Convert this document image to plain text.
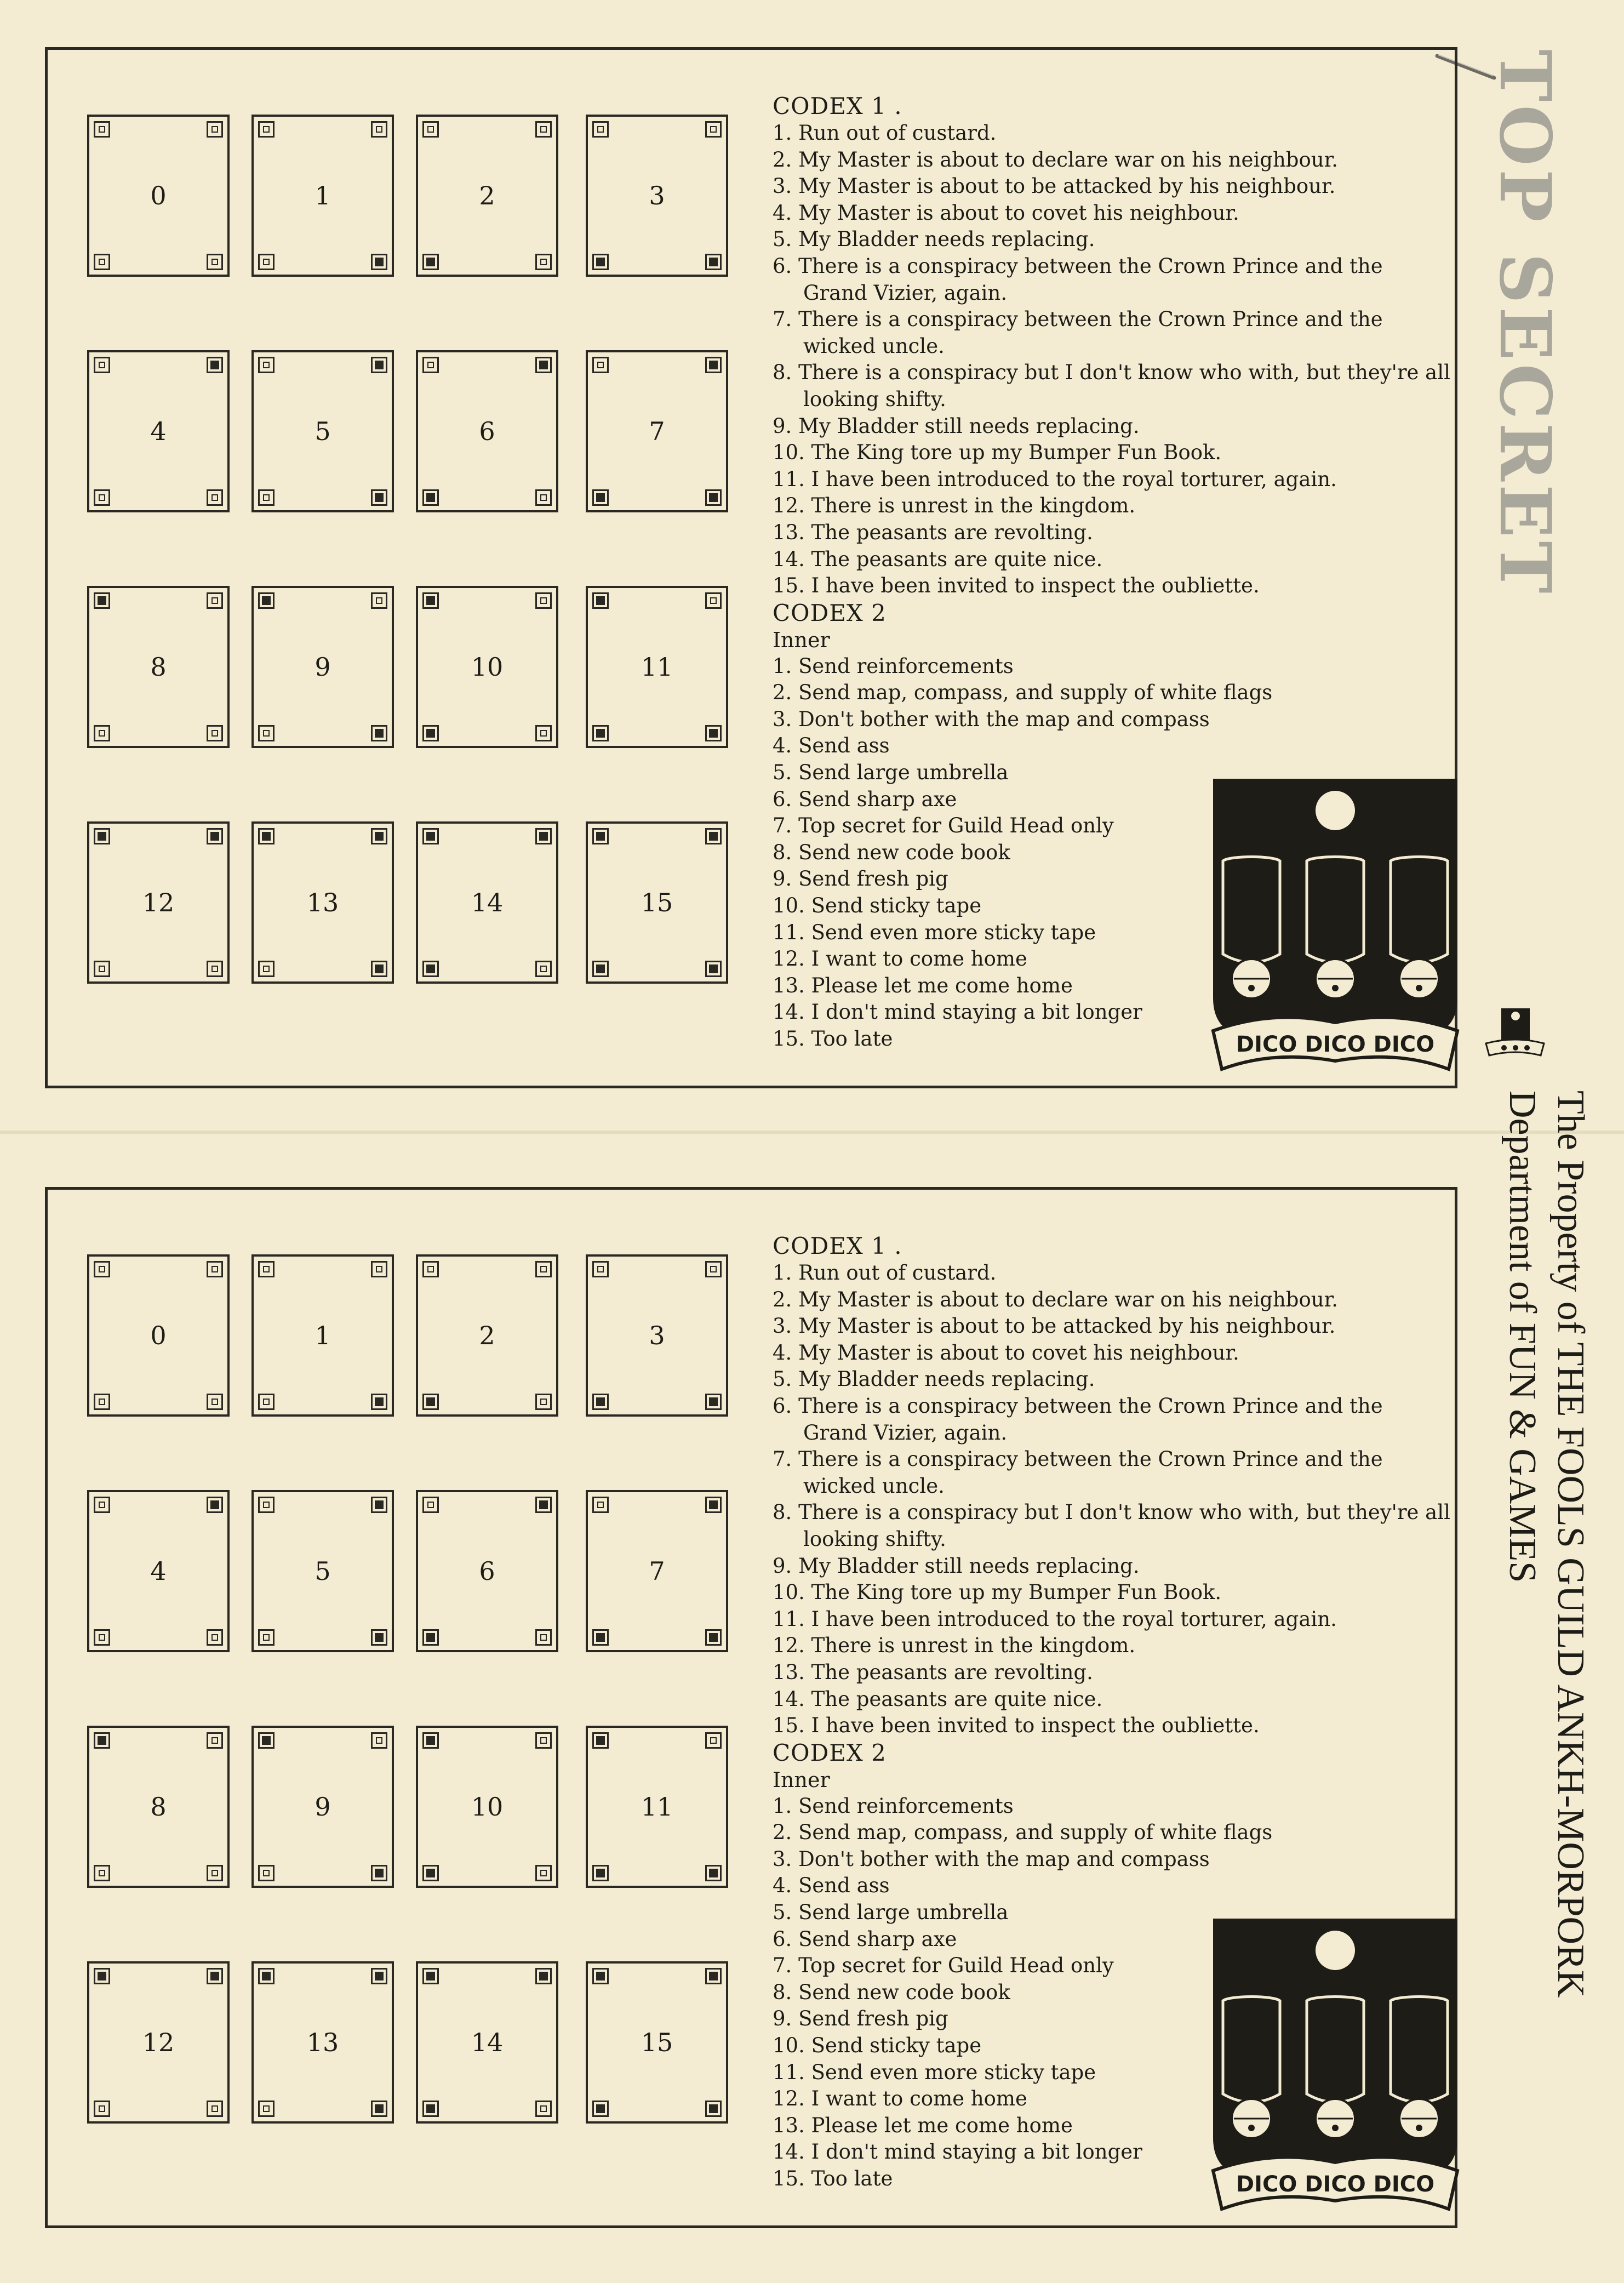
TOP SECRET
The Property of THE FOOLS GUILD ANKH-MORPORK
Department of FUN & GAMES
0	1	2	3
4	5	6	7
8	9	10	11
12	13	14	15
CODEX 1 .
1. Run out of custard.
2. My Master is about to declare war on his neighbour.
3. My Master is about to be attacked by his neighbour.
4. My Master is about to covet his neighbour.
5. My Bladder needs replacing.
6. There is a conspiracy between the Crown Prince and the Grand Vizier, again.
7. There is a conspiracy between the Crown Prince and the wicked uncle.
8. There is a conspiracy but I don't know who with, but they're all looking shifty.
9. My Bladder still needs replacing.
10. The King tore up my Bumper Fun Book.
11. I have been introduced to the royal torturer, again.
12. There is unrest in the kingdom.
13. The peasants are revolting.
14. The peasants are quite nice.
15. I have been invited to inspect the oubliette.
CODEX 2
Inner
1. Send reinforcements
2. Send map, compass, and supply of white flags
3. Don't bother with the map and compass
4. Send ass
5. Send large umbrella
6. Send sharp axe
7. Top secret for Guild Head only
8. Send new code book
9. Send fresh pig
10. Send sticky tape
11. Send even more sticky tape
12. I want to come home
13. Please let me come home
14. I don't mind staying a bit longer
15. Too late	DICO DICO DICO
0	1	2	3
4	5	6	7
8	9	10	11
12	13	14	15
CODEX 1 .
1. Run out of custard.
2. My Master is about to declare war on his neighbour.
3. My Master is about to be attacked by his neighbour.
4. My Master is about to covet his neighbour.
5. My Bladder needs replacing.
6. There is a conspiracy between the Crown Prince and the Grand Vizier, again.
7. There is a conspiracy between the Crown Prince and the wicked uncle.
8. There is a conspiracy but I don't know who with, but they're all looking shifty.
9. My Bladder still needs replacing.
10. The King tore up my Bumper Fun Book.
11. I have been introduced to the royal torturer, again.
12. There is unrest in the kingdom.
13. The peasants are revolting.
14. The peasants are quite nice.
15. I have been invited to inspect the oubliette.
CODEX 2
Inner
1. Send reinforcements
2. Send map, compass, and supply of white flags
3. Don't bother with the map and compass
4. Send ass
5. Send large umbrella
6. Send sharp axe
7. Top secret for Guild Head only
8. Send new code book
9. Send fresh pig
10. Send sticky tape
11. Send even more sticky tape
12. I want to come home
13. Please let me come home
14. I don't mind staying a bit longer
15. Too late	DICO DICO DICO
